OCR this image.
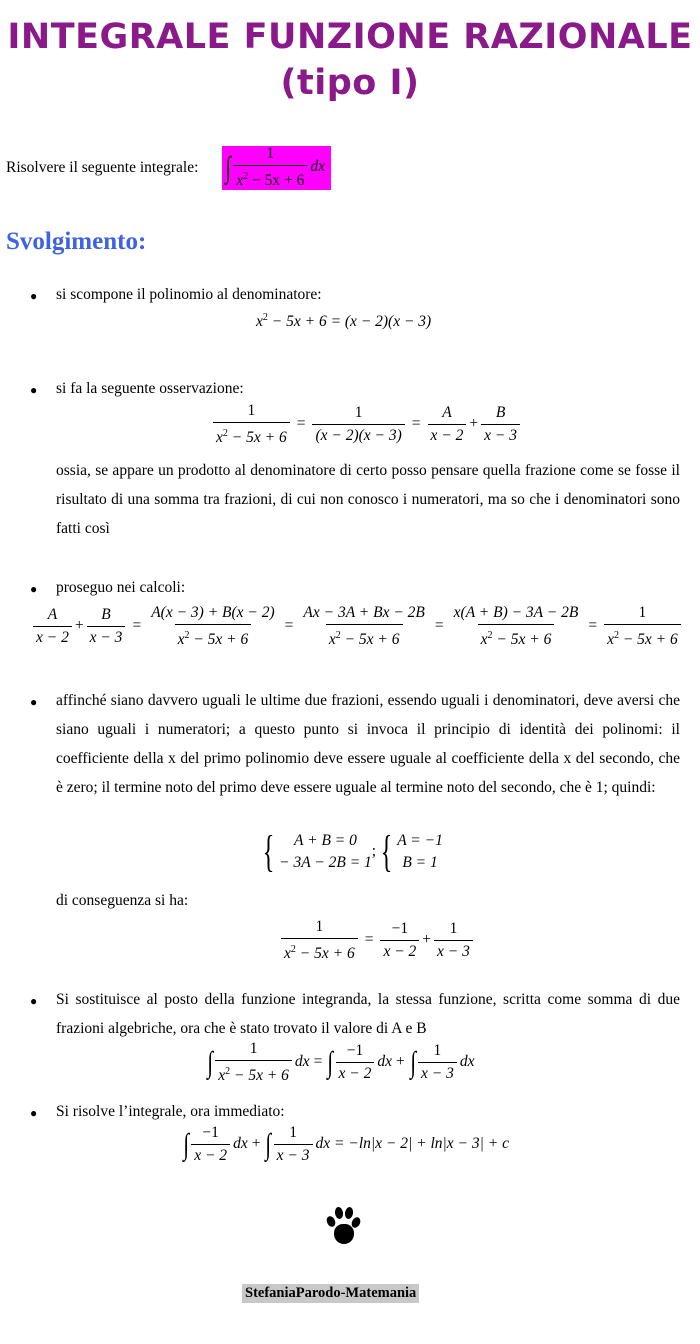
INTEGRALE FUNZIONE RAZIONALE (tipo I)
Risolvere il seguente integrale: ∫ $\frac{1}{x^2 - 5x + 6}$ dx
Svolgimento:
● si scompone il polinomio al denominatore:
$x^2 - 5x + 6 = (x - 2)(x - 3)$
● si fa la seguente osservazione:
$\frac{1}{x^2 - 5x + 6} = \frac{1}{(x - 2)(x - 3)} = \frac{A}{x - 2} + \frac{B}{x - 3}$
ossia, se appare un prodotto al denominatore di certo posso pensare quella frazione come se fosse il risultato di una somma tra frazioni, di cui non conosco i numeratori, ma so che i denominatori sono fatti così
● proseguo nei calcoli:
$\frac{A}{x - 2} + \frac{B}{x - 3} = \frac{A(x - 3) + B(x - 2)}{x^2 - 5x + 6} = \frac{Ax - 3A + Bx - 2B}{x^2 - 5x + 6} = \frac{x(A + B) - 3A - 2B}{x^2 - 5x + 6} = \frac{1}{x^2 - 5x + 6}$
● affinché siano davvero uguali le ultime due frazioni, essendo uguali i denominatori, deve aversi che siano uguali i numeratori; a questo punto si invoca il principio di identità dei polinomi: il coefficiente della x del primo polinomio deve essere uguale al coefficiente della x del secondo, che è zero; il termine noto del primo deve essere uguale al termine noto del secondo, che è 1; quindi:
{	A + B = 0
− 3A − 2B = 1
; { A = −1
B = 1
di conseguenza si ha:
$\frac{1}{x^2 - 5x + 6} = \frac{-1}{x - 2} + \frac{1}{x - 3}$
● Si sostituisce al posto della funzione integranda, la stessa funzione, scritta come somma di due frazioni algebriche, ora che è stato trovato il valore di A e B
∫ $\frac{1}{x^2 - 5x + 6}$ dx = ∫ $\frac{-1}{x - 2}$ dx + ∫ $\frac{1}{x - 3}$ dx
● Si risolve l’integrale, ora immediato:
∫ $\frac{-1}{x - 2}$ dx + ∫ $\frac{1}{x - 3}$ dx = −ln|x − 2| + ln|x − 3| + c
StefaniaParodo-Matemania
